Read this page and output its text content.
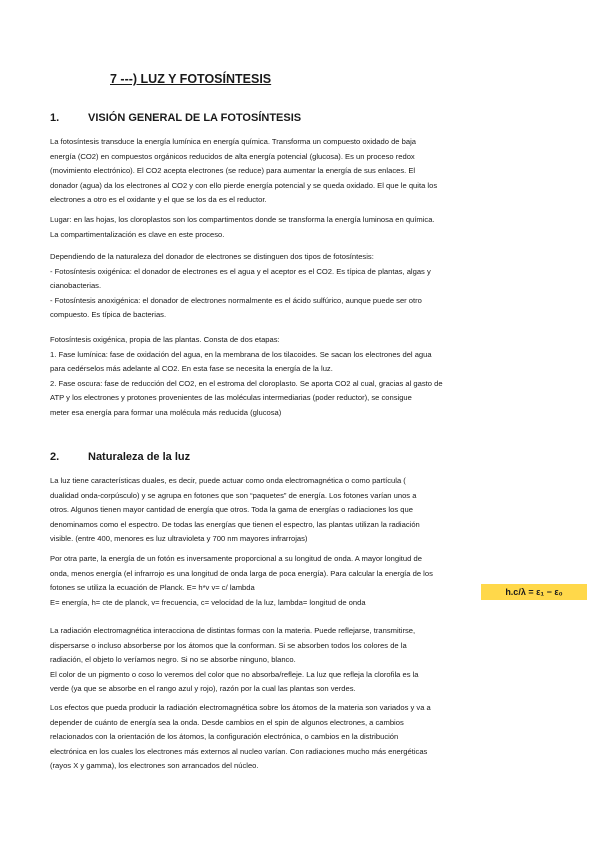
7 ---) LUZ Y FOTOSÍNTESIS
1.	VISIÓN GENERAL DE LA FOTOSÍNTESIS
La fotosíntesis transduce la energía lumínica en energía química. Transforma un compuesto oxidado de baja
energía (CO2) en compuestos orgánicos reducidos de alta energía potencial (glucosa). Es un proceso redox
(movimiento electrónico). El CO2 acepta electrones (se reduce) para aumentar la energía de sus enlaces. El
donador (agua) da los electrones al CO2 y con ello pierde energía potencial y se queda oxidado. El que le quita los
electrones a otro es el oxidante y el que se los da es el reductor.
Lugar: en las hojas, los cloroplastos son los compartimentos donde se transforma la energía luminosa en química.
La compartimentalización es clave en este proceso.
Dependiendo de la naturaleza del donador de electrones se distinguen dos tipos de fotosíntesis:
- Fotosíntesis oxigénica: el donador de electrones es el agua y el aceptor es el CO2. Es típica de plantas, algas y
cianobacterias.
- Fotosíntesis anoxigénica: el donador de electrones normalmente es el ácido sulfúrico, aunque puede ser otro
compuesto. Es típica de bacterias.
Fotosíntesis oxigénica, propia de las plantas. Consta de dos etapas:
1. Fase lumínica: fase de oxidación del agua, en la membrana de los tilacoides. Se sacan los electrones del agua
para cedérselos más adelante al CO2. En esta fase se necesita la energía de la luz.
2. Fase oscura: fase de reducción del CO2, en el estroma del cloroplasto. Se aporta CO2 al cual, gracias al gasto de
ATP y los electrones y protones provenientes de las moléculas intermediarias (poder reductor), se consigue
meter esa energía para formar una molécula más reducida (glucosa)
2.	Naturaleza de la luz
La luz tiene características duales, es decir, puede actuar como onda electromagnética o como partícula (
dualidad onda-corpúsculo) y se agrupa en fotones que son “paquetes” de energía. Los fotones varían unos a
otros. Algunos tienen mayor cantidad de energía que otros. Toda la gama de energías o radiaciones los que
denominamos como el espectro. De todas las energías que tienen el espectro, las plantas utilizan la radiación
visible. (entre 400, menores es luz ultravioleta y 700 nm mayores infrarrojas)
Por otra parte, la energía de un fotón es inversamente proporcional a su longitud de onda. A mayor longitud de
onda, menos energía (el infrarrojo es una longitud de onda larga de poca energía). Para calcular la energía de los
fotones se utiliza la ecuación de Planck. E= h*v v= c/ lambda
E= energía, h= cte de planck, v= frecuencia, c= velocidad de la luz, lambda= longitud de onda
h.c/λ = ε₁ − ε₀
La radiación electromagnética interacciona de distintas formas con la materia. Puede reflejarse, transmitirse,
dispersarse o incluso absorberse por los átomos que la conforman. Si se absorben todos los colores de la
radiación, el objeto lo veríamos negro. Si no se absorbe ninguno, blanco.
El color de un pigmento o coso lo veremos del color que no absorba/refleje. La luz que refleja la clorofila es la
verde (ya que se absorbe en el rango azul y rojo), razón por la cual las plantas son verdes.
Los efectos que pueda producir la radiación electromagnética sobre los átomos de la materia son variados y va a
depender de cuánto de energía sea la onda. Desde cambios en el spin de algunos electrones, a cambios
relacionados con la orientación de los átomos, la configuración electrónica, o cambios en la distribución
electrónica en los cuales los electrones más externos al nucleo varían. Con radiaciones mucho más energéticas
(rayos X y gamma), los electrones son arrancados del núcleo.
